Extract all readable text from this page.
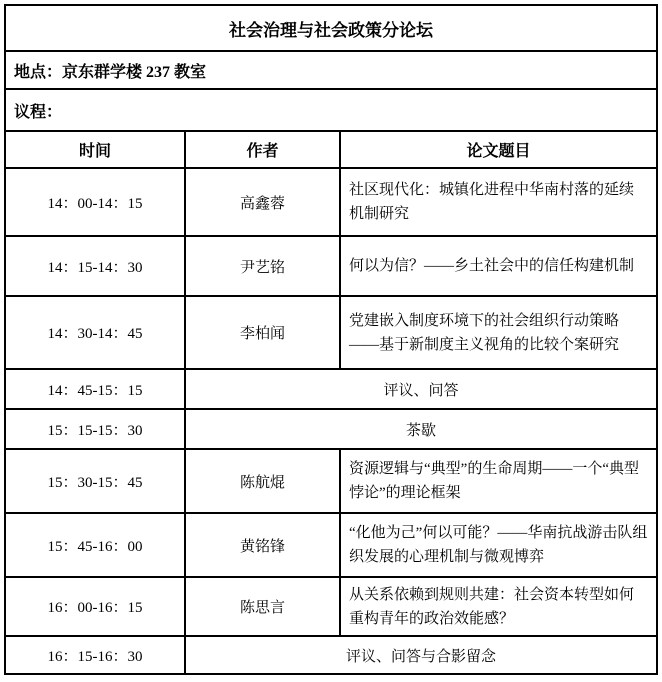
社会治理与社会政策分论坛		
地点：京东群学楼 237 教室		
议程：		
时间	作者	论文题目
14：00-14：15	高鑫蓉	社区现代化：城镇化进程中华南村落的延续机制研究
14：15-14：30	尹艺铭	何以为信？——乡土社会中的信任构建机制
14：30-14：45	李柏闻	党建嵌入制度环境下的社会组织行动策略——基于新制度主义视角的比较个案研究
14：45-15：15	评议、问答	
15：15-15：30	茶歇	
15：30-15：45	陈航焜	资源逻辑与“典型”的生命周期——一个“典型悖论”的理论框架
15：45-16：00	黄铭锋	“化他为己”何以可能？——华南抗战游击队组织发展的心理机制与微观博弈
16：00-16：15	陈思言	从关系依赖到规则共建：社会资本转型如何重构青年的政治效能感？
16：15-16：30	评议、问答与合影留念	
